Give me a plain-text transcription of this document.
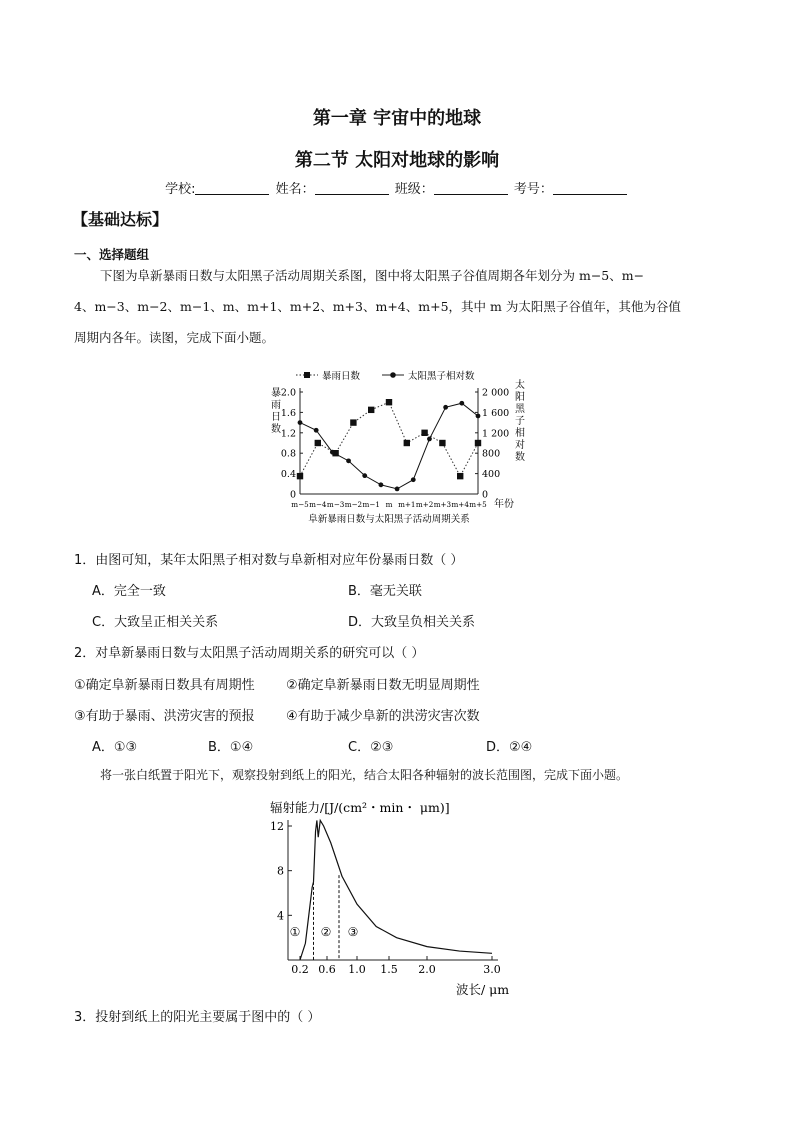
第一章 宇宙中的地球
第二节 太阳对地球的影响
学校:	姓名：	班级：	考号：
【基础达标】
一、选择题组
下图为阜新暴雨日数与太阳黑子活动周期关系图，图中将太阳黑子谷值周期各年划分为 m−5、m−
4、m−3、m−2、m−1、m、m+1、m+2、m+3、m+4、m+5，其中 m 为太阳黑子谷值年，其他为谷值
周期内各年。读图，完成下面小题。
0
0.4
0.8
1.2
1.6
2.0
0
400
800
1 200
1 600
2 000
暴
雨
日
数
太
阳
黑
子
相
对
数
m−5 m−4 m−3 m−2 m−1 m m+1 m+2 m+3 m+4 m+5 年份
阜新暴雨日数与太阳黑子活动周期关系
暴雨日数	太阳黑子相对数
1．由图可知，某年太阳黑子相对数与阜新相对应年份暴雨日数（ ）
A．完全一致	B．毫无关联
C．大致呈正相关关系	D．大致呈负相关关系
2．对阜新暴雨日数与太阳黑子活动周期关系的研究可以（ ）
①确定阜新暴雨日数具有周期性 ②确定阜新暴雨日数无明显周期性
③有助于暴雨、洪涝灾害的预报 ④有助于减少阜新的洪涝灾害次数
A．①③	B．①④	C．②③	D．②④
将一张白纸置于阳光下，观察投射到纸上的阳光，结合太阳各种辐射的波长范围图，完成下面小题。
辐射能力/[J/(cm²・min・ μm)]
4
8
12
0.2 0.6 1.0 1.5 2.0	3.0
波长/ μm
① ② ③
3．投射到纸上的阳光主要属于图中的（ ）
